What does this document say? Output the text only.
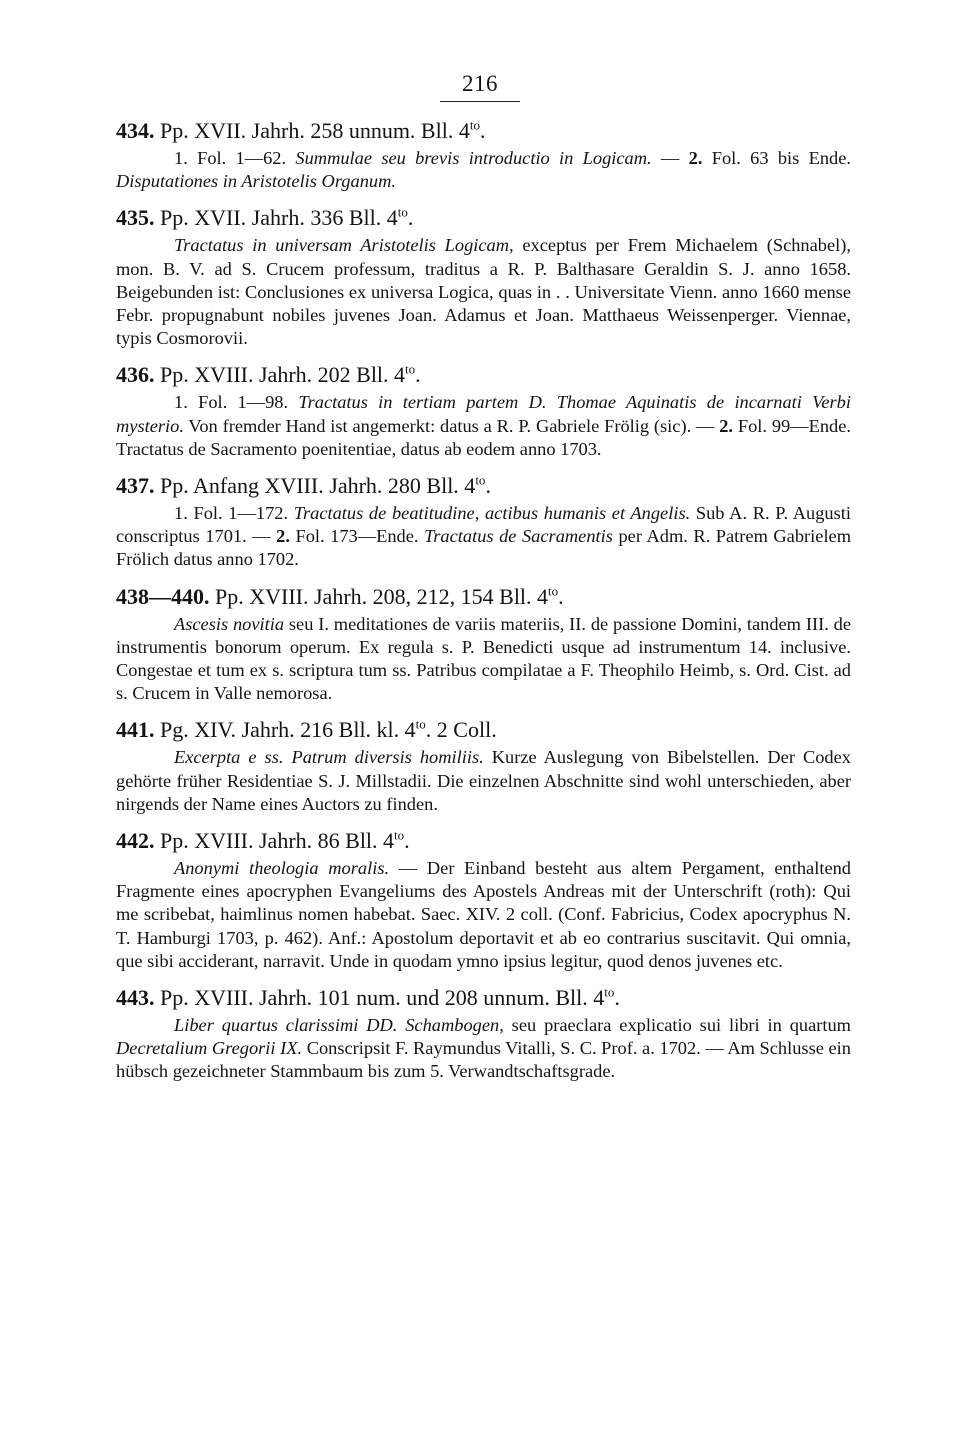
216
434. Pp. XVII. Jahrh. 258 unnum. Bll. $4^{to}$.

1. Fol. 1—62. Summulae seu brevis introductio in Logicam. — 2. Fol. 63 bis Ende. Disputationes in Aristotelis Organum.

435. Pp. XVII. Jahrh. 336 Bll. $4^{to}$.

Tractatus in universam Aristotelis Logicam, exceptus per Frem Michaelem (Schnabel), mon. B. V. ad S. Crucem professum, traditus a R. P. Balthasare Geraldin S. J. anno 1658. Beigebunden ist: Conclusiones ex universa Logica, quas in . . Universitate Vienn. anno 1660 mense Febr. propugnabunt nobiles juvenes Joan. Adamus et Joan. Matthaeus Weissenperger. Viennae, typis Cosmorovii.

436. Pp. XVIII. Jahrh. 202 Bll. $4^{to}$.

1. Fol. 1—98. Tractatus in tertiam partem D. Thomae Aquinatis de incarnati Verbi mysterio. Von fremder Hand ist angemerkt: datus a R. P. Gabriele Frölig (sic). — 2. Fol. 99—Ende. Tractatus de Sacramento poenitentiae, datus ab eodem anno 1703.

437. Pp. Anfang XVIII. Jahrh. 280 Bll. $4^{to}$.

1. Fol. 1—172. Tractatus de beatitudine, actibus humanis et Angelis. Sub A. R. P. Augusti conscriptus 1701. — 2. Fol. 173—Ende. Tractatus de Sacramentis per Adm. R. Patrem Gabrielem Frölich datus anno 1702.

438—440. Pp. XVIII. Jahrh. 208, 212, 154 Bll. $4^{to}$.

Ascesis novitia seu I. meditationes de variis materiis, II. de passione Domini, tandem III. de instrumentis bonorum operum. Ex regula s. P. Benedicti usque ad instrumentum 14. inclusive. Congestae et tum ex s. scriptura tum ss. Patribus compilatae a F. Theophilo Heimb, s. Ord. Cist. ad s. Crucem in Valle nemorosa.

441. Pg. XIV. Jahrh. 216 Bll. kl. $4^{to}$. 2 Coll.

Excerpta e ss. Patrum diversis homiliis. Kurze Auslegung von Bibelstellen. Der Codex gehörte früher Residentiae S. J. Millstadii. Die einzelnen Abschnitte sind wohl unterschieden, aber nirgends der Name eines Auctors zu finden.

442. Pp. XVIII. Jahrh. 86 Bll. $4^{to}$.

Anonymi theologia moralis. — Der Einband besteht aus altem Pergament, enthaltend Fragmente eines apocryphen Evangeliums des Apostels Andreas mit der Unterschrift (roth): Qui me scribebat, haimlinus nomen habebat. Saec. XIV. 2 coll. (Conf. Fabricius, Codex apocryphus N. T. Hamburgi 1703, p. 462). Anf.: Apostolum deportavit et ab eo contrarius suscitavit. Qui omnia, que sibi acciderant, narravit. Unde in quodam ymno ipsius legitur, quod denos juvenes etc.

443. Pp. XVIII. Jahrh. 101 num. und 208 unnum. Bll. $4^{to}$.

Liber quartus clarissimi DD. Schambogen, seu praeclara explicatio sui libri in quartum Decretalium Gregorii IX. Conscripsit F. Raymundus Vitalli, S. C. Prof. a. 1702. — Am Schlusse ein hübsch gezeichneter Stammbaum bis zum 5. Verwandtschaftsgrade.
